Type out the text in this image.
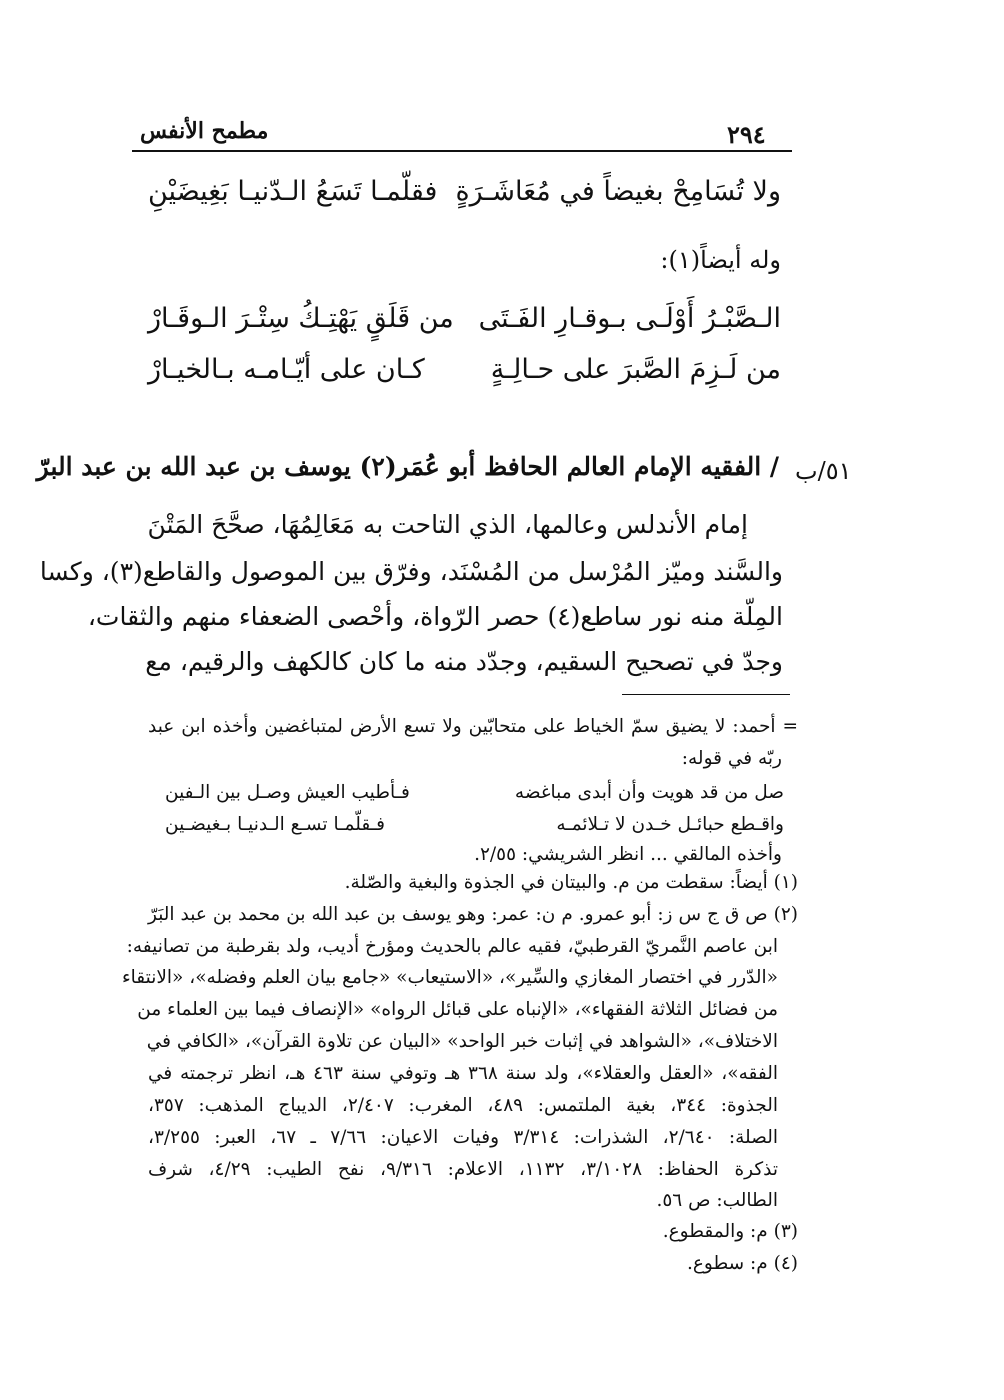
٢٩٤
مطمح الأنفس
ولا تُسَامِحْ بغيضاً في مُعَاشَـرَةٍ
فقلّمـا تَسَعُ الـدّنيـا بَغِيضَيْنِ
وله أيضاً(١):
الـصَّبْـرُ أَوْلَـى بـوقـارِ الفَـتَى
من قَلَقٍ يَهْتِـكُ سِتْـرَ الـوقَـارْ
من لَـزِمَ الصَّبرَ على حـالِـةٍ
كـان على أيّـامـه بـالخيـارْ
٥١/ب
/ الفقيه الإمام العالم الحافظ أبو عُمَر(٢) يوسف بن عبد الله بن عبد البرّ
إمام الأندلس وعالمها، الذي التاحت به مَعَالِمُهَا، صحَّحَ المَتْنَ
والسَّند وميّز المُرْسل من المُسْنَد، وفرّق بين الموصول والقاطع(٣)، وكسا
المِلّة منه نور ساطع(٤) حصر الرّواة، وأحْصى الضعفاء منهم والثقات،
وجدّ في تصحيح السقيم، وجدّد منه ما كان كالكهف والرقيم، مع
= أحمد: لا يضيق سمّ الخياط على متحابّين ولا تسع الأرض لمتباغضين وأخذه ابن عبد
ربّه في قوله:
صل من قد هويت وأن أبدى مباغضه
فـأطيب العيش وصـل بين الـفين
واقـطع حبائـل خـدن لا تـلائمـه
فـقلّمـا تسـع الـدنيـا بـغيضـين
وأخذه المالقي ... انظر الشريشي: ٢/٥٥.
(١) أيضاً: سقطت من م. والبيتان في الجذوة والبغية والصّلة.
(٢) ص ق ج س ز: أبو عمرو. م ن: عمر: وهو يوسف بن عبد الله بن محمد بن عبد البَرّ
ابن عاصم النَّمريّ القرطبيّ، فقيه عالم بالحديث ومؤرخ أديب، ولد بقرطبة من تصانيفه:
«الدّرر في اختصار المغازي والسِّير»، «الاستيعاب» «جامع بيان العلم وفضله»، «الانتقاء
من فضائل الثلاثة الفقهاء»، «الإنباه على قبائل الرواه» «الإنصاف فيما بين العلماء من
الاختلاف»، «الشواهد في إثبات خبر الواحد» «البيان عن تلاوة القرآن»، «الكافي في
الفقه»، «العقل والعقلاء»، ولد سنة ٣٦٨ هـ وتوفي سنة ٤٦٣ هـ، انظر ترجمته في
الجذوة: ٣٤٤، بغية الملتمس: ٤٨٩، المغرب: ٢/٤٠٧، الديباج المذهب: ٣٥٧،
الصلة: ٢/٦٤٠، الشذرات: ٣/٣١٤ وفيات الاعيان: ٧/٦٦ ـ ٦٧، العبر: ٣/٢٥٥،
تذكرة الحفاظ: ٣/١٠٢٨، ١١٣٢، الاعلام: ٩/٣١٦، نفح الطيب: ٤/٢٩، شرف
الطالب: ص ٥٦.
(٣) م: والمقطوع.
(٤) م: سطوع.
